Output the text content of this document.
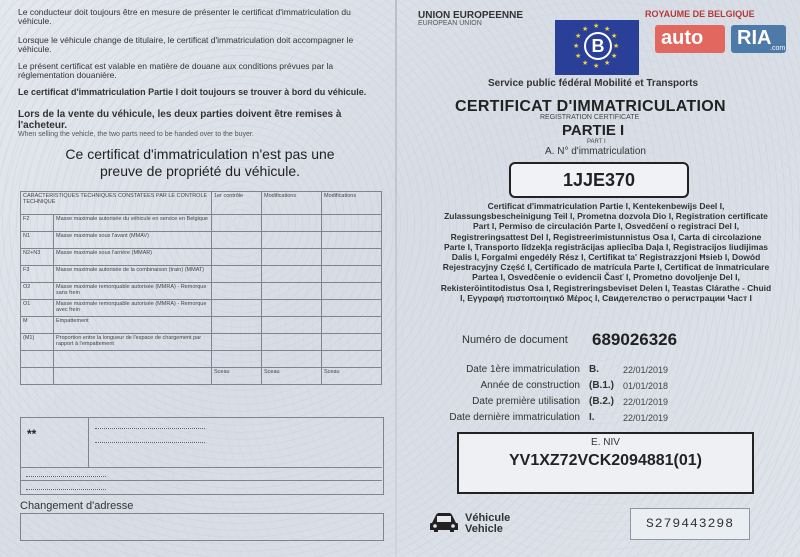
Le conducteur doit toujours être en mesure de présenter le certificat d'immatriculation du véhicule.
Lorsque le véhicule change de titulaire, le certificat d'immatriculation doit accompagner le véhicule.
Le présent certificat est valable en matière de douane aux conditions prévues par la réglementation douanière.
Le certificat d'immatriculation Partie I doit toujours se trouver à bord du véhicule.
Lors de la vente du véhicule, les deux parties doivent être remises à l'acheteur.
When selling the vehicle, the two parts need to be handed over to the buyer.
Ce certificat d'immatriculation n'est pas une preuve de propriété du véhicule.
CARACTERISTIQUES TECHNIQUES CONSTATEES PAR LE CONTROLE TECHNIQUE		1er contrôle	Modifications	Modifications
F2	Masse maximale autorisée du véhicule en service en Belgique			
N1	Masse maximale sous l'avant (MMAV)			
N2+N3	Masse maximale sous l'arrière (MMAR)			
F3	Masse maximale autorisée de la combinaison (train) (MMAT)			
O2	Masse maximale remorquable autorisée (MMRA) - Remorque sans frein			
O1	Masse maximale remorquable autorisée (MMRA) - Remorque avec frein			
M	Empattement			
(M1)	Proportion entre la longueur de l'espace de chargement par rapport à l'empattement			

		Sceau	Sceau	Sceau
**
Changement d'adresse
UNION EUROPEENNE
EUROPEAN UNION	★ ★
★
★
★
★
★
★
★
★
★
★
B
ROYAUME DE BELGIQUE
auto RIA
.com
Service public fédéral Mobilité et Transports
CERTIFICAT D'IMMATRICULATION
REGISTRATION CERTIFICATE
PARTIE I
PART I
A. N° d'immatriculation
1JJE370
Certificat d'immatriculation Partie I, Kentekenbewijs Deel I, Zulassungsbescheinigung Teil I, Prometna dozvola Dio I, Registration certificate Part I, Permiso de circulación Parte I, Osvedčení o registraci Del I, Registreringsattest Del I, Registreerimistunnistus Osa I, Carta di circolazione Parte I, Transporto līdzekļa registrācijas apliecība Daļa I, Registracijos liudijimas Dalis I, Forgalmi engedély Rész I, Certifikat ta' Registrazzjoni Ħsieb I, Dowód Rejestracyjny Część I, Certificado de matrícula Parte I, Certificat de înmatriculare Partea I, Osvedčenie o evidencii Časť I, Prometno dovoljenje Del I, Rekisteröintitodistus Osa I, Registreringsbeviset Delen I, Teastas Clárathe - Chuid I, Εγγραφή πιστοποιητικό Μέρος Ι, Свидетелство о регистрации Част I
Numéro de document 689026326
Date 1ère immatriculation B.	22/01/2019
Année de construction (B.1.) 01/01/2018
Date première utilisation (B.2.) 22/01/2019
Date dernière immatriculation I.	22/01/2019
E. NIV
YV1XZ72VCK2094881(01)
Véhicule
Vehicle	S279443298
